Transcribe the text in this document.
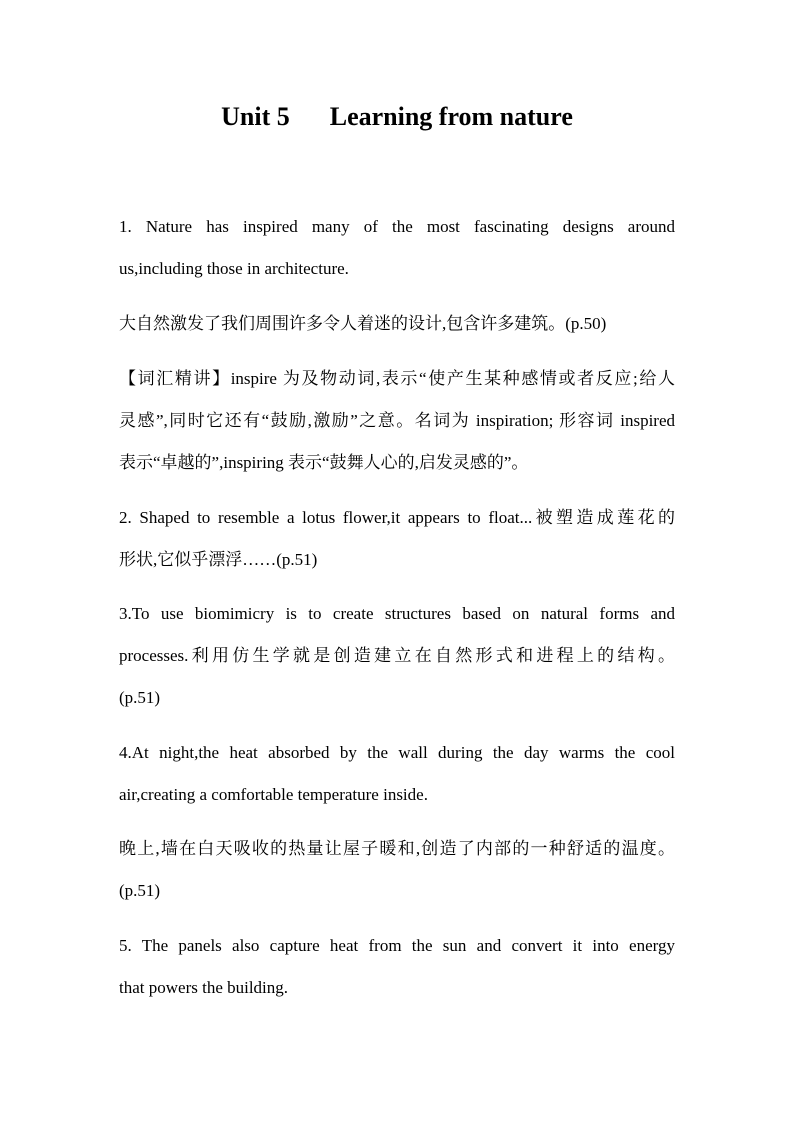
Unit 5 Learning from nature
1. Nature has inspired many of the most fascinating designs around
us,including those in architecture.
大自然激发了我们周围许多令人着迷的设计,包含许多建筑。(p.50)
【词汇精讲】inspire 为及物动词,表示“使产生某种感情或者反应;给人
灵感”,同时它还有“鼓励,激励”之意。名词为 inspiration; 形容词 inspired
表示“卓越的”,inspiring 表示“鼓舞人心的,启发灵感的”。
2. Shaped to resemble a lotus flower,it appears to float...被塑造成莲花的
形状,它似乎漂浮……(p.51)
3.To use biomimicry is to create structures based on natural forms and
processes.利用仿生学就是创造建立在自然形式和进程上的结构。
(p.51)
4.At night,the heat absorbed by the wall during the day warms the cool
air,creating a comfortable temperature inside.
晚上,墙在白天吸收的热量让屋子暖和,创造了内部的一种舒适的温度。
(p.51)
5. The panels also capture heat from the sun and convert it into energy
that powers the building.
